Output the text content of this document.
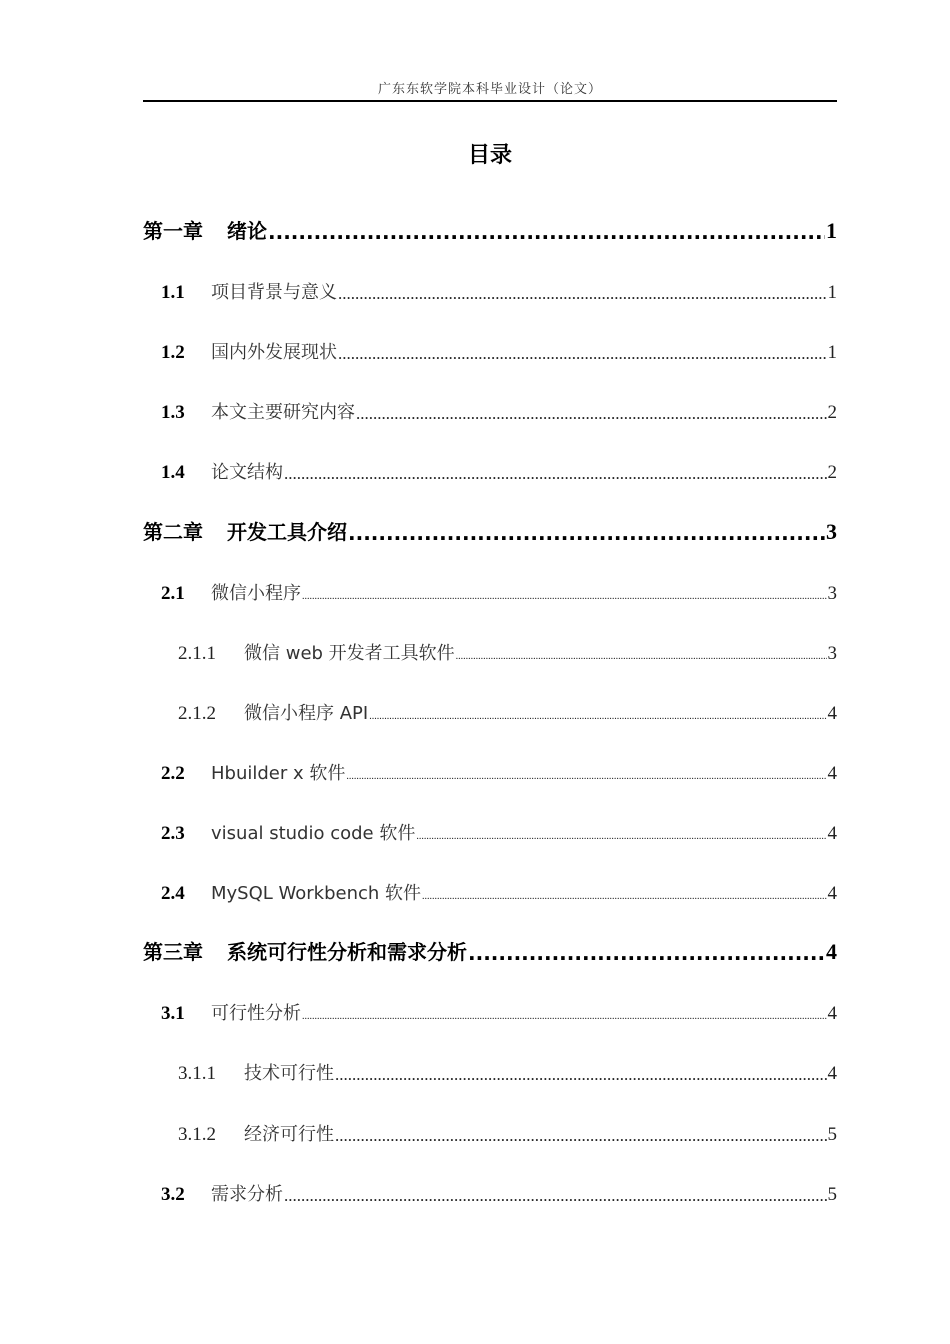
广东东软学院本科毕业设计（论文）
目录
第一章	绪论 .....	1
1.1	项目背景与意义 .....	1
1.2	国内外发展现状 .....	1
1.3	本文主要研究内容 .....	2
1.4	论文结构 .....	2
第二章	开发工具介绍 .....	3
2.1	微信小程序 .....	3
2.1.1	微信 web 开发者工具软件 .....	3
2.1.2	微信小程序 API .....	4
2.2	Hbuilder x 软件 .....	4
2.3	visual studio code 软件 .....	4
2.4	MySQL Workbench 软件 .....	4
第三章	系统可行性分析和需求分析 .....	4
3.1	可行性分析 .....	4
3.1.1	技术可行性 .....	4
3.1.2	经济可行性 .....	5
3.2	需求分析 .....	5
